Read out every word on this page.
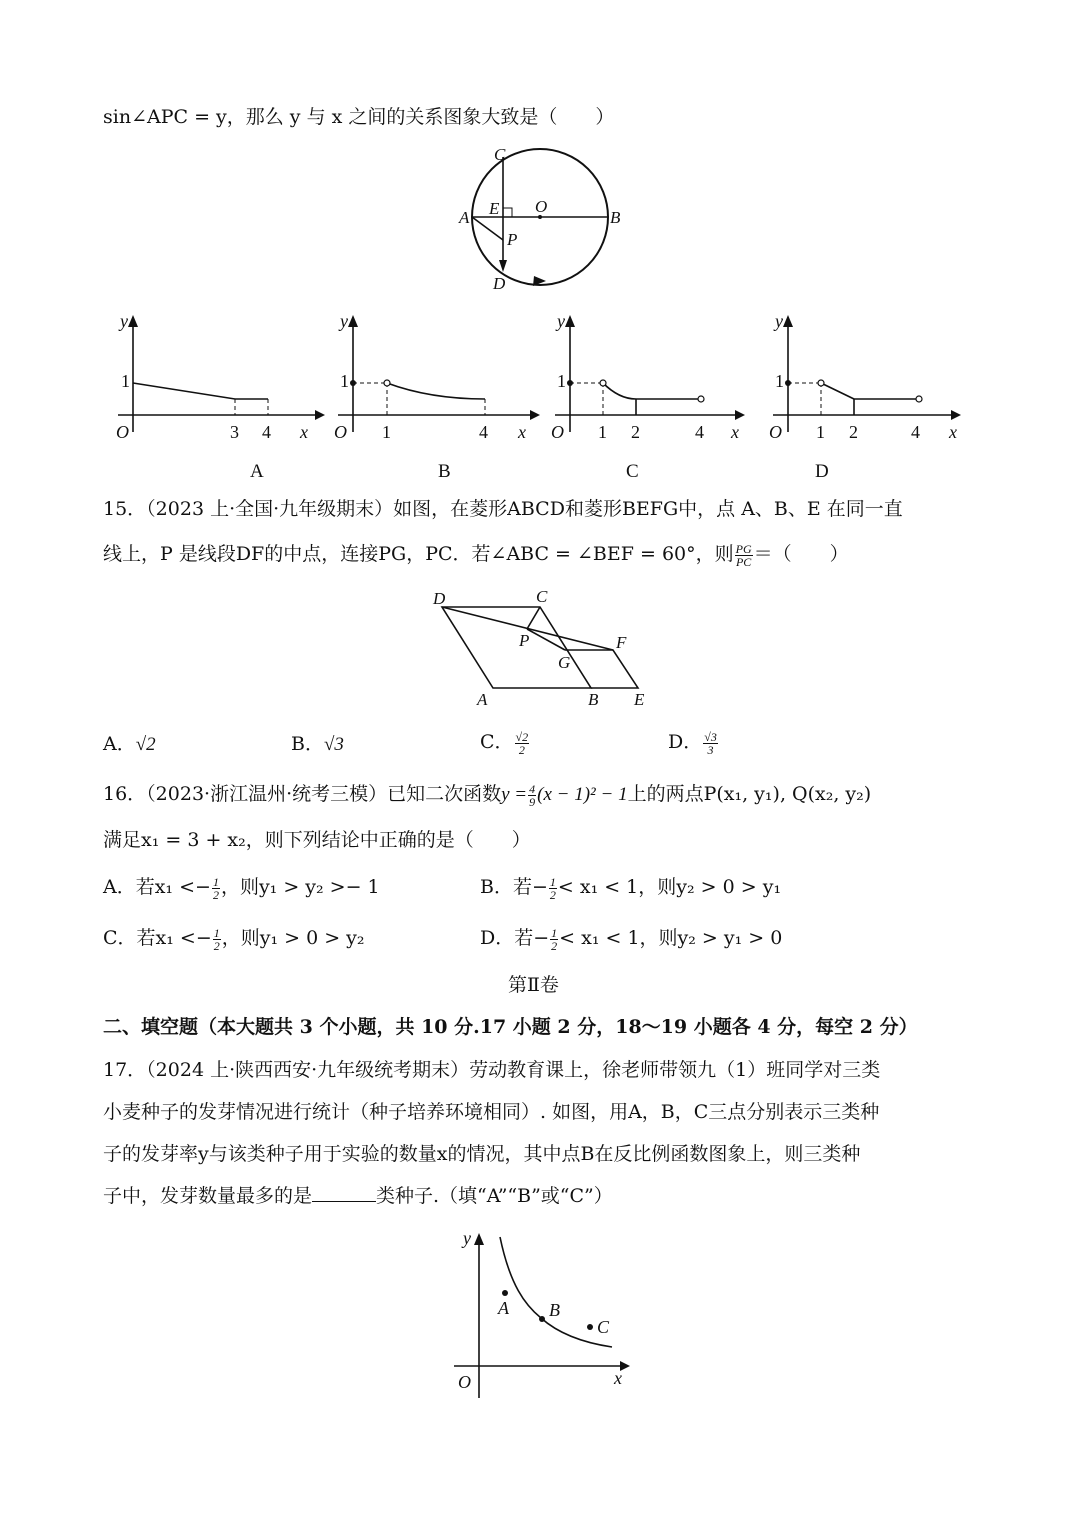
sin∠APC = y，那么 y 与 x 之间的关系图象大致是（　　）
C
O
A E	B
P
D
y
1
O	3 4 x
A
y
1
O 1	4 x
B
y
1
O 1 2	4 x
C
y
1
O 1 2	4 x
D
15．（2023 上·全国·九年级期末）如图，在菱形ABCD和菱形BEFG中，点 A、B、E 在同一直
线上，P 是线段DF的中点，连接PG，PC．若∠ABC = ∠BEF = 60°，则 $\frac{PG}{PC}$ ＝（　　）
D	C
P	F
G
A	B E
A．√2	B．√3	C． $\frac{√2}{2}$	D． $\frac{√3}{3}$
16．（2023·浙江温州·统考三模）已知二次函数$y = \frac{4}{9} (x - 1)^2 - 1$上的两点P(x₁, y₁), Q(x₂, y₂)
满足x₁ = 3 + x₂，则下列结论中正确的是（　　）
A．若$x_1 <- \frac{1}{2}$ ，则y₁ > y₂ >− 1	B．若− $\frac{1}{2} < x_1 < 1$，则y₂ > 0 > y₁
C．若$x_1 <- \frac{1}{2}$ ，则y₁ > 0 > y₂	D．若− $\frac{1}{2} < x_1 < 1$，则y₂ > y₁ > 0
第Ⅱ卷
二、填空题（本大题共 3 个小题，共 10 分.17 小题 2 分，18～19 小题各 4 分，每空 2 分）
17．（2024 上·陕西西安·九年级统考期末）劳动教育课上，徐老师带领九（1）班同学对三类
小麦种子的发芽情况进行统计（种子培养环境相同）. 如图，用A，B，C三点分别表示三类种
子的发芽率y与该类种子用于实验的数量x的情况，其中点B在反比例函数图象上，则三类种
子中，发芽数量最多的是	类种子.（填“A”“B”或“C”）
y
x
O
A B
C
